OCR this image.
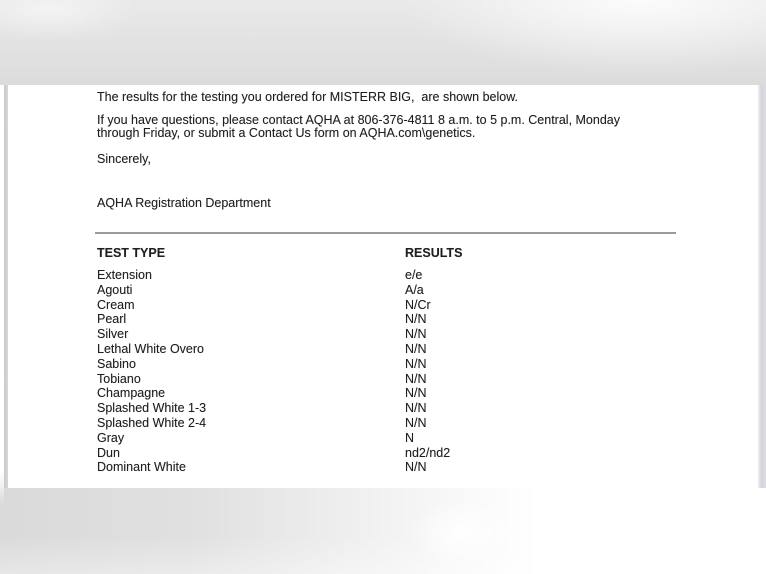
The results for the testing you ordered for MISTERR BIG,  are shown below.
If you have questions, please contact AQHA at 806-376-4811 8 a.m. to 5 p.m. Central, Monday
through Friday, or submit a Contact Us form on AQHA.com\genetics.
Sincerely,
AQHA Registration Department
TEST TYPE	RESULTS
Extension	e/e
Agouti	A/a
Cream	N/Cr
Pearl	N/N
Silver	N/N
Lethal White Overo	N/N
Sabino	N/N
Tobiano	N/N
Champagne	N/N
Splashed White 1-3	N/N
Splashed White 2-4	N/N
Gray	N
Dun	nd2/nd2
Dominant White	N/N
